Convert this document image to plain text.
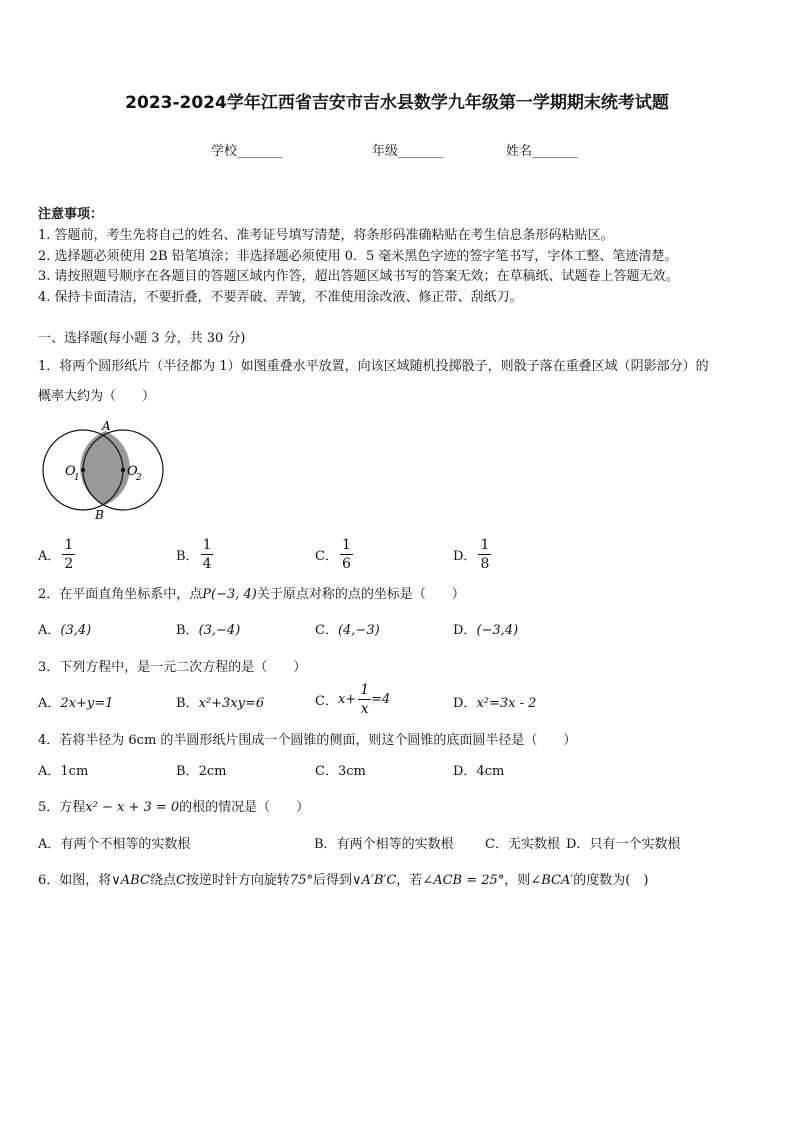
2023-2024学年江西省吉安市吉水县数学九年级第一学期期末统考试题
学校_______	年级_______	姓名_______
注意事项：
1. 答题前，考生先将自己的姓名、准考证号填写清楚，将条形码准确粘贴在考生信息条形码粘贴区。
2. 选择题必须使用 2B 铅笔填涂；非选择题必须使用 0．5 毫米黑色字迹的签字笔书写，字体工整、笔迹清楚。
3. 请按照题号顺序在各题目的答题区域内作答，超出答题区域书写的答案无效；在草稿纸、试题卷上答题无效。
4. 保持卡面清洁，不要折叠，不要弄破、弄皱，不准使用涂改液、修正带、刮纸刀。
一、选择题(每小题 3 分，共 30 分)
1．将两个圆形纸片（半径都为 1）如图重叠水平放置，向该区域随机投掷骰子，则骰子落在重叠区域（阴影部分）的
概率大约为（　　）
A
B
O
1	O
2
A． $\frac{1}{2}$	B． $\frac{1}{4}$	C． $\frac{1}{6}$	D． $\frac{1}{8}$
2．在平面直角坐标系中，点P(−3, 4)关于原点对称的点的坐标是（　　）
A．(3,4)	B．(3,−4)	C．(4,−3)	D．(−3,4)
3．下列方程中，是一元二次方程的是（　　）
A．2x+y=1	B．x²+3xy=6	C．$x+ \frac{1}{x} =4$	D．x²=3x - 2
4．若将半径为 6cm 的半圆形纸片围成一个圆锥的侧面，则这个圆锥的底面圆半径是（　　）
A．1cm	B．2cm	C．3cm	D．4cm
5．方程x² − x + 3 = 0的根的情况是（　　）
A．有两个不相等的实数根	B．有两个相等的实数根 C．无实数根 D．只有一个实数根
6．如图，将∨ABC绕点C按逆时针方向旋转75°后得到∨A′B′C，若∠ACB = 25°，则∠BCA′的度数为(　)
